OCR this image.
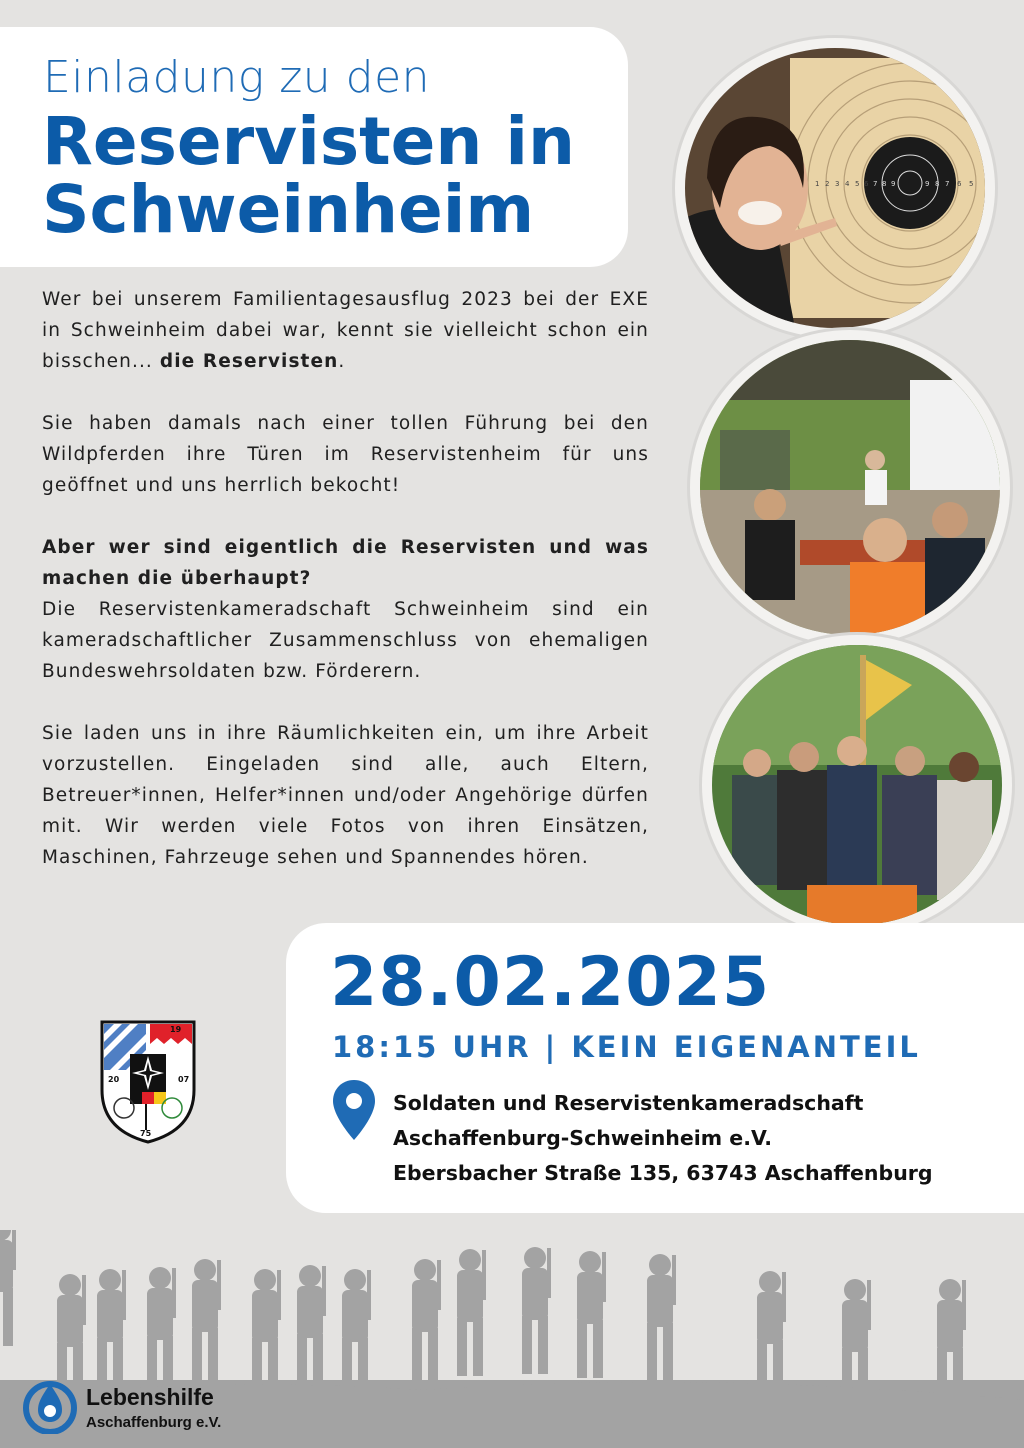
Einladung zu den
Reservisten in
Schweinheim

Wer bei unserem Familientagesausflug 2023 bei der EXE in Schweinheim dabei war, kennt sie vielleicht schon ein bisschen... die Reservisten.

Sie haben damals nach einer tollen Führung bei den Wildpferden ihre Türen im Reservistenheim für uns geöffnet und uns herrlich bekocht!

Aber wer sind eigentlich die Reservisten und was machen die überhaupt?

Die Reservistenkameradschaft Schweinheim sind ein kameradschaftlicher Zusammenschluss von ehemaligen Bundeswehrsoldaten bzw. Förderern.

Sie laden uns in ihre Räumlichkeiten ein, um ihre Arbeit vorzustellen. Eingeladen sind alle, auch Eltern, Betreuer*innen, Helfer*innen und/oder Angehörige dürfen mit. Wir werden viele Fotos von ihren Einsätzen, Maschinen, Fahrzeuge sehen und Spannendes hören.

1 2 3 4 5 6 7 8 9	9 8 7 6 5
28.02.2025
18:15 UHR | KEIN EIGENANTEIL
Soldaten und Reservistenkameradschaft
Aschaffenburg-Schweinheim e.V.
Ebersbacher Straße 135, 63743 Aschaffenburg
19
20	07
75
Lebenshilfe
Aschaffenburg e.V.
